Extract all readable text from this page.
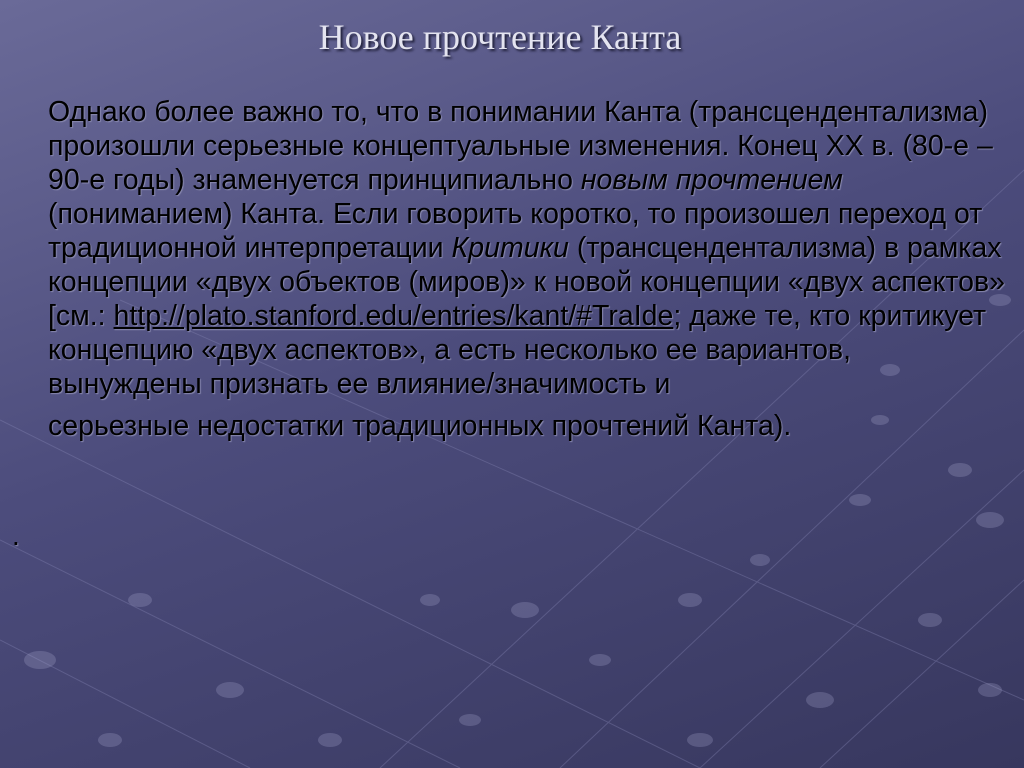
Новое прочтение Канта

Однако более важно то, что в понимании Канта (трансцендентализма) произошли серьезные концептуальные изменения. Конец ХХ в. (80-е – 90-е годы) знаменуется принципиально новым прочтением (пониманием) Канта. Если говорить коротко, то произошел переход от традиционной интерпретации Критики (трансцендентализма) в рамках концепции «двух объектов (миров)» к новой концепции «двух аспектов» [см.: http://plato.stanford.edu/entries/kant/#TraIde; даже те, кто критикует концепцию «двух аспектов», а есть несколько ее вариантов, вынуждены признать ее влияние/значимость и
серьезные недостатки традиционных прочтений Канта).

.
